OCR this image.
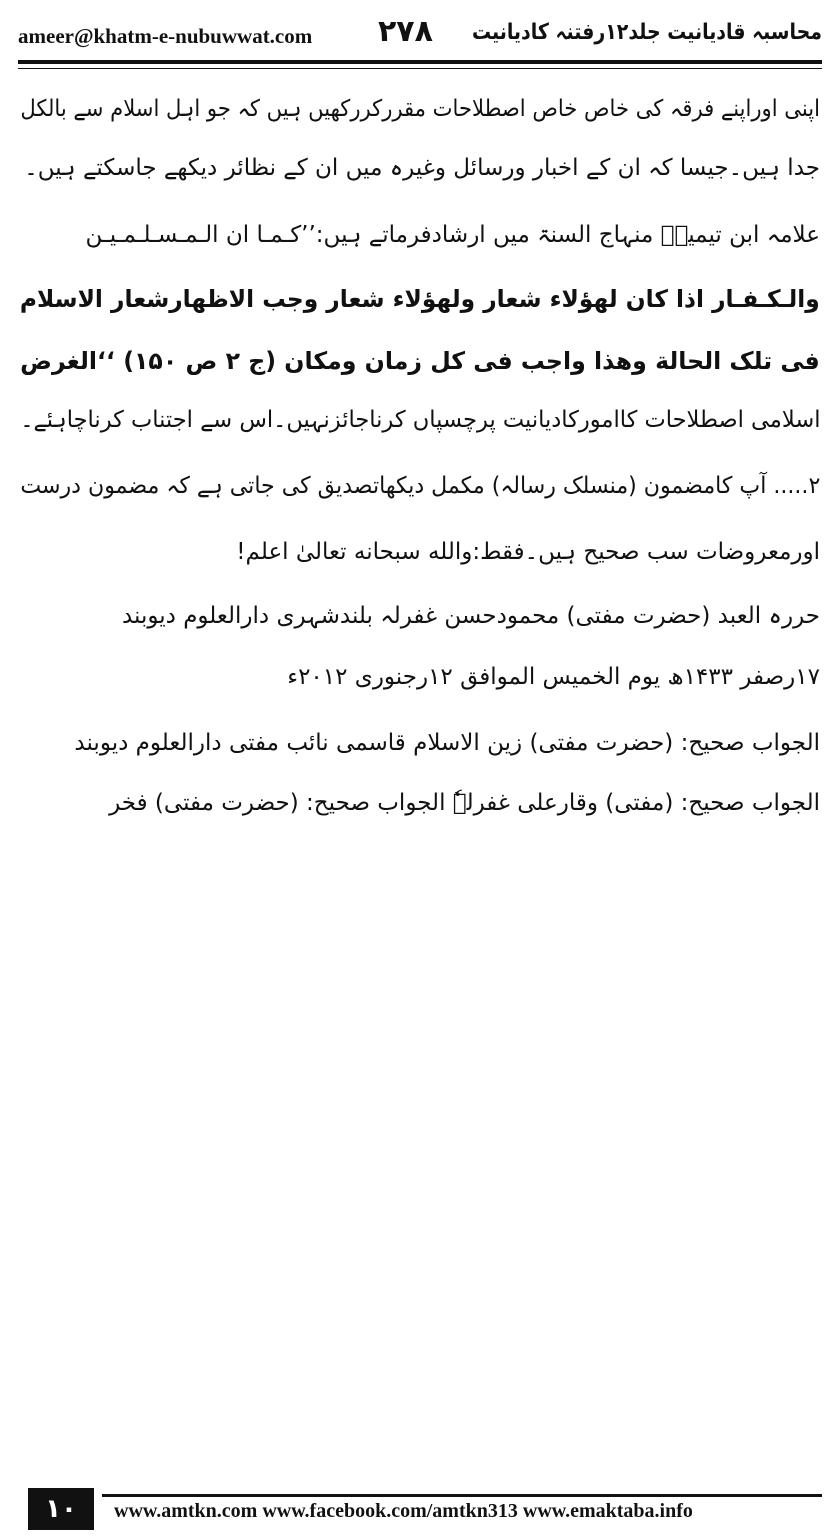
ameer@khatm-e-nubuwwat.com ۲۷۸ محاسبہ قادیانیت جلد۱۲رفتنہ کادیانیت
اپنی اوراپنے فرقہ کی خاص خاص اصطلاحات مقررکررکھیں ہیں کہ جو اہل اسلام سے بالکل
جدا ہیں۔جیسا کہ ان کے اخبار ورسائل وغیرہ میں ان کے نظائر دیکھے جاسکتے ہیں۔
علامہ ابن تیمیہؒ منہاج السنۃ میں ارشادفرماتے ہیں:’’كـمـا ان الـمـسـلـمـيـن
والـكـفـار اذا كان لهؤلاء شعار ولهؤلاء شعار وجب الاظهارشعار الاسلام
فی تلک الحالة وهذا واجب فی كل زمان ومكان (ج ۲ ص ۱۵۰) ‘‘الغرض
اسلامی اصطلاحات کاامورکادیانیت پرچسپاں کرناجائزنہیں۔اس سے اجتناب کرناچاہئے۔
۲..... آپ کامضمون (منسلک رسالہ) مکمل دیکھاتصدیق کی جاتی ہے کہ مضمون درست
اورمعروضات سب صحیح ہیں۔فقط:والله سبحانه تعالیٰ اعلم!
حررہ العبد (حضرت مفتی) محمودحسن غفرلہ بلندشہری دارالعلوم دیوبند
۱۷رصفر ۱۴۳۳ھ یوم الخمیس الموافق ۱۲رجنوری ۲۰۱۲ء
الجواب صحیح: (حضرت مفتی) زین الاسلام قاسمی نائب مفتی دارالعلوم دیوبند
الجواب صحیح: (مفتی) وقارعلی غفرلہٗ الجواب صحیح: (حضرت مفتی) فخر
۱۰	www.amtkn.com www.facebook.com/amtkn313 www.emaktaba.info
